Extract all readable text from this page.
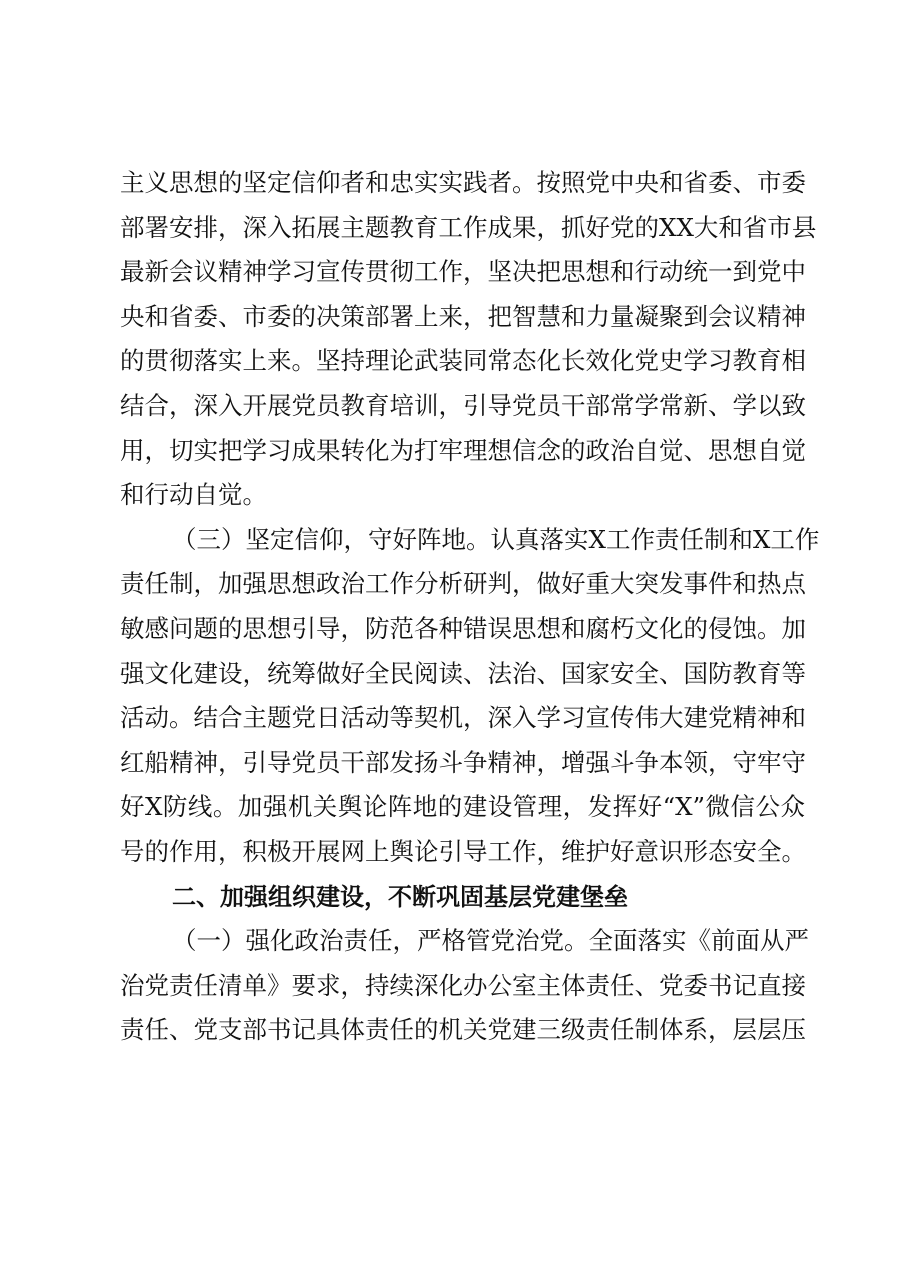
主义思想的坚定信仰者和忠实实践者。按照党中央和省委、市委
部署安排，深入拓展主题教育工作成果，抓好党的XX大和省市县
最新会议精神学习宣传贯彻工作，坚决把思想和行动统一到党中
央和省委、市委的决策部署上来，把智慧和力量凝聚到会议精神
的贯彻落实上来。坚持理论武装同常态化长效化党史学习教育相
结合，深入开展党员教育培训，引导党员干部常学常新、学以致
用，切实把学习成果转化为打牢理想信念的政治自觉、思想自觉
和行动自觉。
（三）坚定信仰，守好阵地。认真落实X工作责任制和X工作
责任制，加强思想政治工作分析研判，做好重大突发事件和热点
敏感问题的思想引导，防范各种错误思想和腐朽文化的侵蚀。加
强文化建设，统筹做好全民阅读、法治、国家安全、国防教育等
活动。结合主题党日活动等契机，深入学习宣传伟大建党精神和
红船精神，引导党员干部发扬斗争精神，增强斗争本领，守牢守
好X防线。加强机关舆论阵地的建设管理，发挥好“X”微信公众
号的作用，积极开展网上舆论引导工作，维护好意识形态安全。
二、加强组织建设，不断巩固基层党建堡垒
（一）强化政治责任，严格管党治党。全面落实《前面从严
治党责任清单》要求，持续深化办公室主体责任、党委书记直接
责任、党支部书记具体责任的机关党建三级责任制体系，层层压
